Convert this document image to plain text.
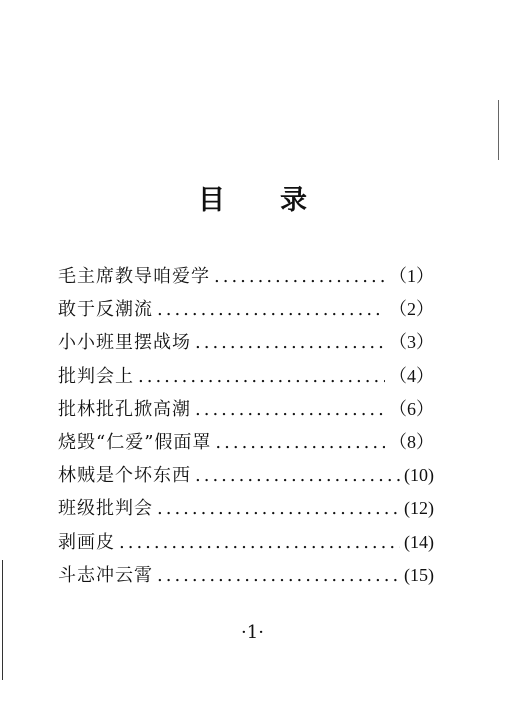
目 录
毛主席教导咱爱学 .....	（1）
敢于反潮流 .....	（2）
小小班里摆战场 .....	（3）
批判会上 .....	（4）
批林批孔掀高潮 .....	（6）
烧毁“仁爱”假面罩 .....	（8）
林贼是个坏东西 .....	(10)
班级批判会 .....	(12)
剥画皮 .....	(14)
斗志冲云霄 .....	(15)
·1·
